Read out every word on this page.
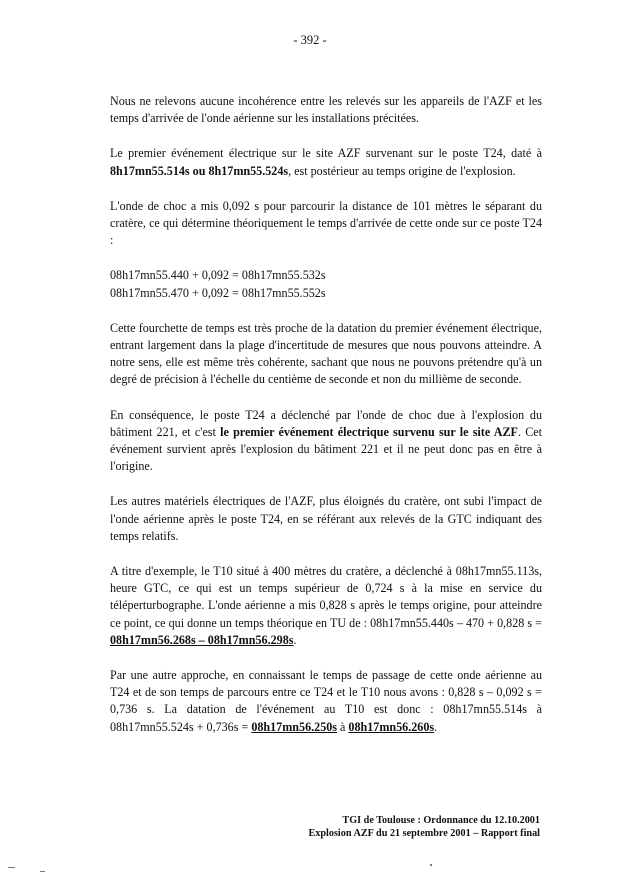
- 392 -

Nous ne relevons aucune incohérence entre les relevés sur les appareils de l'AZF et les temps d'arrivée de l'onde aérienne sur les installations précitées.

Le premier événement électrique sur le site AZF survenant sur le poste T24, daté à 8h17mn55.514s ou 8h17mn55.524s, est postérieur au temps origine de l'explosion.

L'onde de choc a mis 0,092 s pour parcourir la distance de 101 mètres le séparant du cratère, ce qui détermine théoriquement le temps d'arrivée de cette onde sur ce poste T24 :

08h17mn55.440 + 0,092 = 08h17mn55.532s
08h17mn55.470 + 0,092 = 08h17mn55.552s

Cette fourchette de temps est très proche de la datation du premier événement électrique, entrant largement dans la plage d'incertitude de mesures que nous pouvons atteindre. A notre sens, elle est même très cohérente, sachant que nous ne pouvons prétendre qu'à un degré de précision à l'échelle du centième de seconde et non du millième de seconde.

En conséquence, le poste T24 a déclenché par l'onde de choc due à l'explosion du bâtiment 221, et c'est le premier événement électrique survenu sur le site AZF. Cet événement survient après l'explosion du bâtiment 221 et il ne peut donc pas en être à l'origine.

Les autres matériels électriques de l'AZF, plus éloignés du cratère, ont subi l'impact de l'onde aérienne après le poste T24, en se référant aux relevés de la GTC indiquant des temps relatifs.

A titre d'exemple, le T10 situé à 400 mètres du cratère, a déclenché à 08h17mn55.113s, heure GTC, ce qui est un temps supérieur de 0,724 s à la mise en service du téléperturbographe. L'onde aérienne a mis 0,828 s après le temps origine, pour atteindre ce point, ce qui donne un temps théorique en TU de : 08h17mn55.440s – 470 + 0,828 s = 08h17mn56.268s – 08h17mn56.298s.

Par une autre approche, en connaissant le temps de passage de cette onde aérienne au T24 et de son temps de parcours entre ce T24 et le T10 nous avons : 0,828 s – 0,092 s = 0,736 s. La datation de l'événement au T10 est donc : 08h17mn55.514s à 08h17mn55.524s + 0,736s = 08h17mn56.250s à 08h17mn56.260s.

TGI de Toulouse : Ordonnance du 12.10.2001
Explosion AZF du 21 septembre 2001 – Rapport final
